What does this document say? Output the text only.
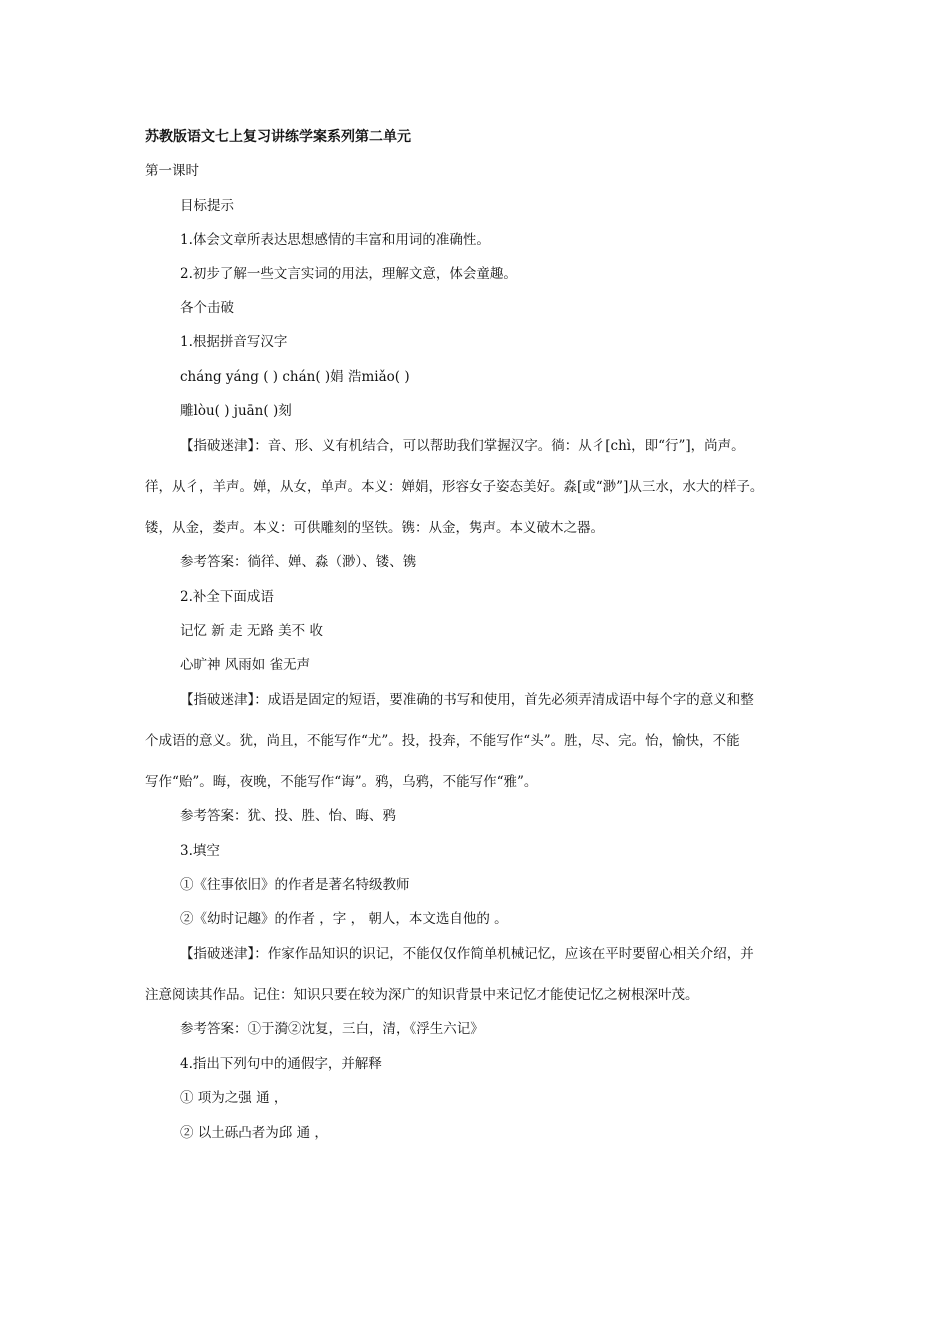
苏教版语文七上复习讲练学案系列第二单元
第一课时
目标提示
1.体会文章所表达思想感情的丰富和用词的准确性。
2.初步了解一些文言实词的用法，理解文意，体会童趣。
各个击破
1.根据拼音写汉字
cháng yáng ( ) chán( )娟 浩miǎo( )
雕lòu( ) juān( )刻
【指破迷津】：音、形、义有机结合，可以帮助我们掌握汉字。徜：从彳[chì，即“行”]，尚声。
徉，从彳，羊声。婵，从女，单声。本义：婵娟，形容女子姿态美好。淼[或“渺”]从三水，水大的样子。
镂，从金，娄声。本义：可供雕刻的坚铁。镌：从金，隽声。本义破木之器。
参考答案：徜徉、婵、淼（渺）、镂、镌
2.补全下面成语
记忆 新 走 无路 美不 收
心旷神 风雨如 雀无声
【指破迷津】：成语是固定的短语，要准确的书写和使用，首先必须弄清成语中每个字的意义和整
个成语的意义。犹，尚且，不能写作“尤”。投，投奔，不能写作“头”。胜，尽、完。怡，愉快，不能
写作“贻”。晦，夜晚，不能写作“诲”。鸦，乌鸦，不能写作“雅”。
参考答案：犹、投、胜、怡、晦、鸦
3.填空
①《往事依旧》的作者是著名特级教师
②《幼时记趣》的作者 ，字 ， 朝人，本文选自他的 。
【指破迷津】：作家作品知识的识记，不能仅仅作简单机械记忆，应该在平时要留心相关介绍，并
注意阅读其作品。记住：知识只要在较为深广的知识背景中来记忆才能使记忆之树根深叶茂。
参考答案：①于漪②沈复，三白，清，《浮生六记》
4.指出下列句中的通假字，并解释
① 项为之强 通 ，
② 以土砾凸者为邱 通 ，
